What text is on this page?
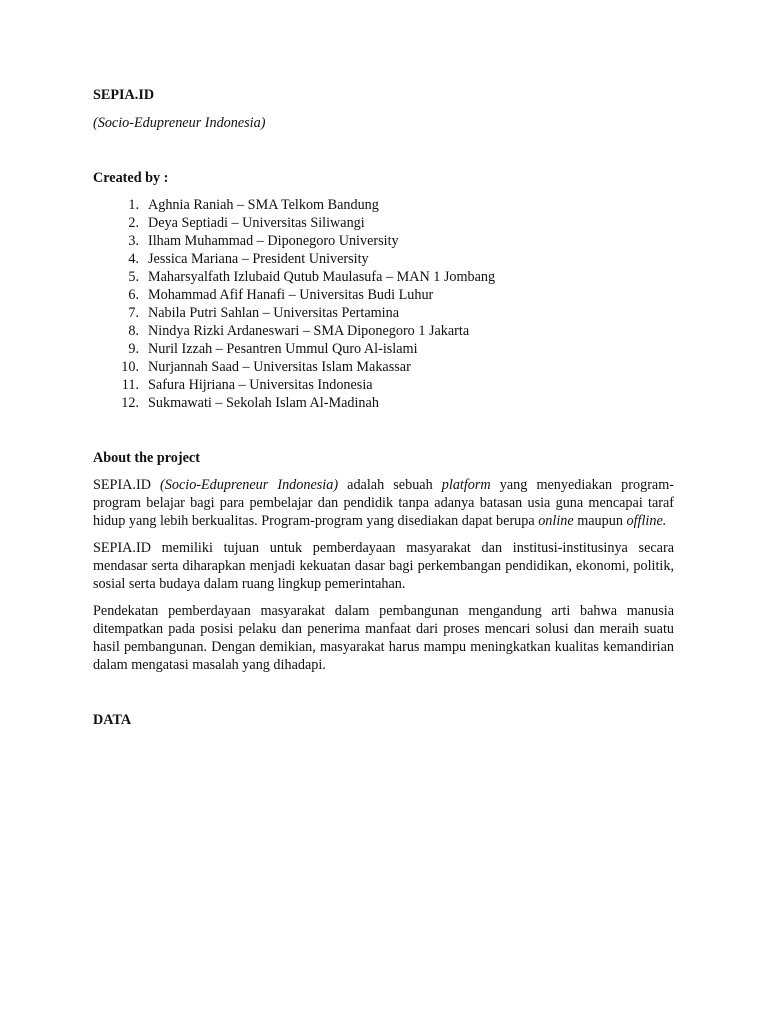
SEPIA.ID
(Socio-Edupreneur Indonesia)
Created by :
1. Aghnia Raniah – SMA Telkom Bandung
2. Deya Septiadi – Universitas Siliwangi
3. Ilham Muhammad – Diponegoro University
4. Jessica Mariana – President University
5. Maharsyalfath Izlubaid Qutub Maulasufa – MAN 1 Jombang
6. Mohammad Afif Hanafi – Universitas Budi Luhur
7. Nabila Putri Sahlan – Universitas Pertamina
8. Nindya Rizki Ardaneswari – SMA Diponegoro 1 Jakarta
9. Nuril Izzah – Pesantren Ummul Quro Al-islami
10. Nurjannah Saad – Universitas Islam Makassar
11. Safura Hijriana – Universitas Indonesia
12. Sukmawati – Sekolah Islam Al-Madinah
About the project

SEPIA.ID (Socio-Edupreneur Indonesia) adalah sebuah platform yang menyediakan program-program belajar bagi para pembelajar dan pendidik tanpa adanya batasan usia guna mencapai taraf hidup yang lebih berkualitas. Program-program yang disediakan dapat berupa online maupun offline.

SEPIA.ID memiliki tujuan untuk pemberdayaan masyarakat dan institusi-institusinya secara mendasar serta diharapkan menjadi kekuatan dasar bagi perkembangan pendidikan, ekonomi, politik, sosial serta budaya dalam ruang lingkup pemerintahan.

Pendekatan pemberdayaan masyarakat dalam pembangunan mengandung arti bahwa manusia ditempatkan pada posisi pelaku dan penerima manfaat dari proses mencari solusi dan meraih suatu hasil pembangunan. Dengan demikian, masyarakat harus mampu meningkatkan kualitas kemandirian dalam mengatasi masalah yang dihadapi.

DATA
